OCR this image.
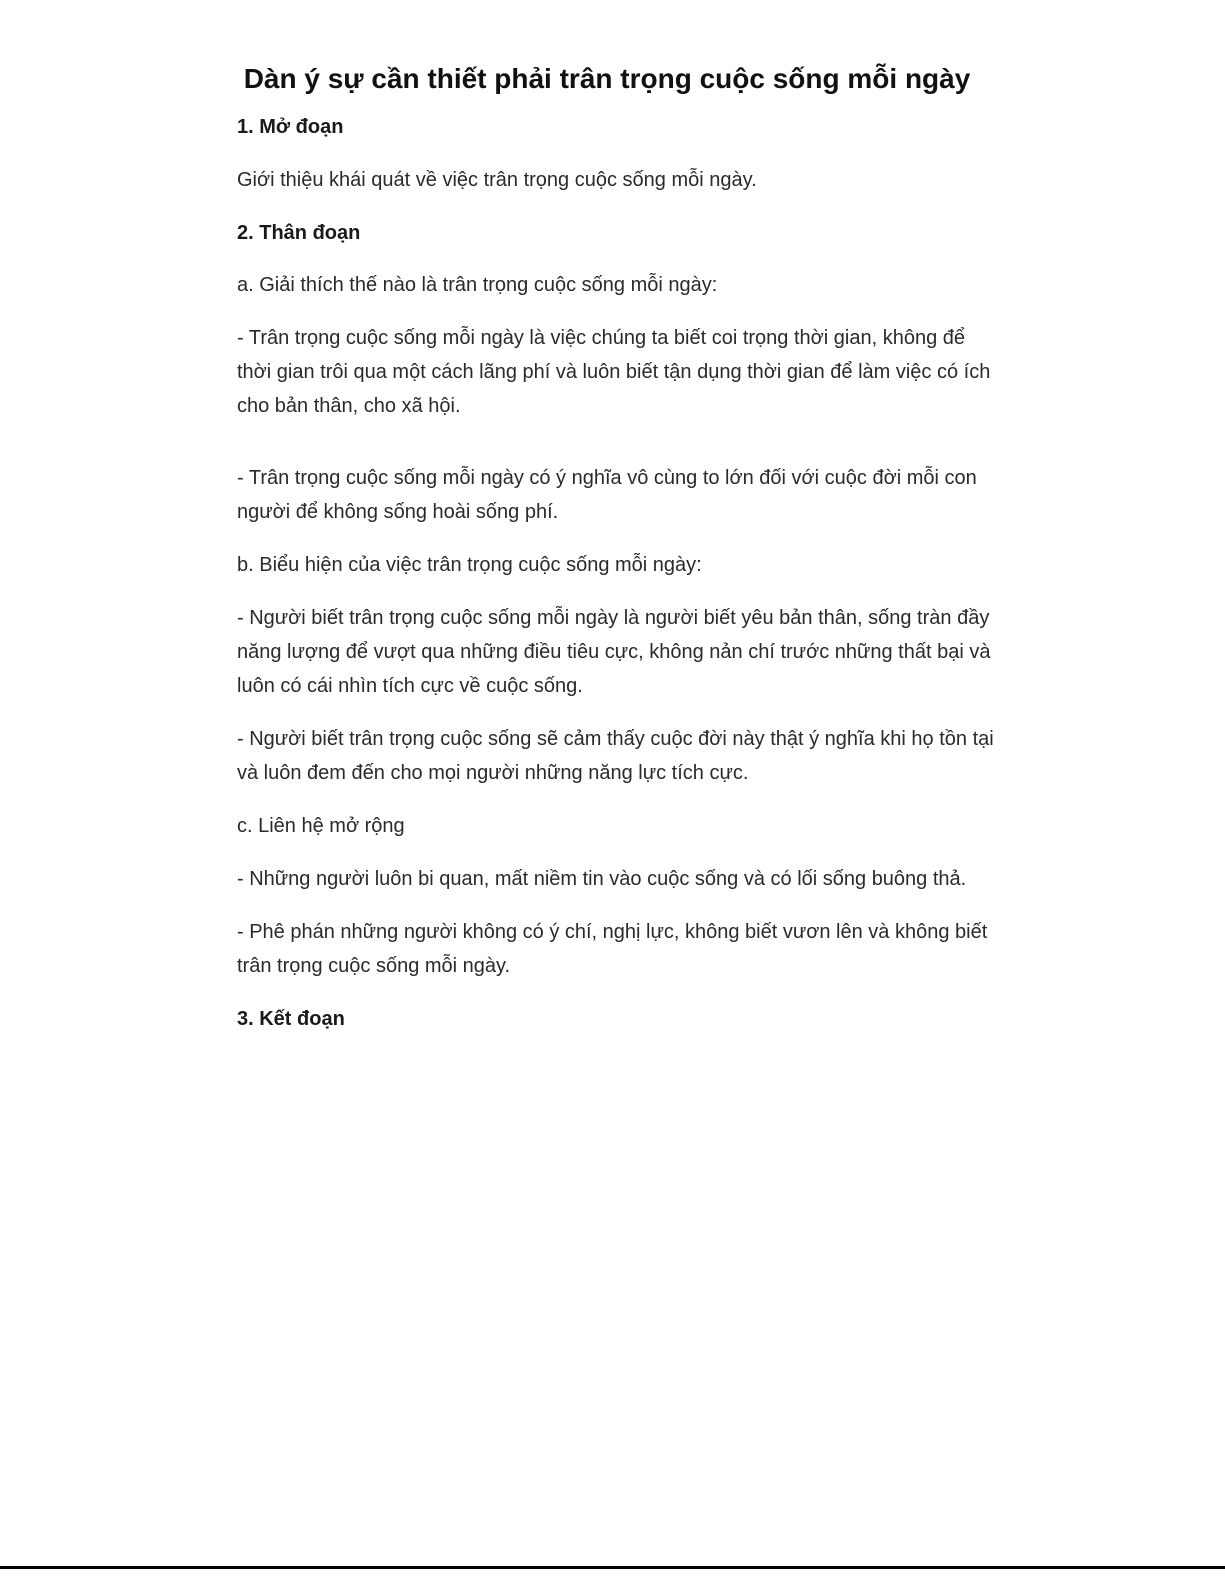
Dàn ý sự cần thiết phải trân trọng cuộc sống mỗi ngày

1. Mở đoạn

Giới thiệu khái quát về việc trân trọng cuộc sống mỗi ngày.

2. Thân đoạn

a. Giải thích thế nào là trân trọng cuộc sống mỗi ngày:

- Trân trọng cuộc sống mỗi ngày là việc chúng ta biết coi trọng thời gian, không để thời gian trôi qua một cách lãng phí và luôn biết tận dụng thời gian để làm việc có ích cho bản thân, cho xã hội.

- Trân trọng cuộc sống mỗi ngày có ý nghĩa vô cùng to lớn đối với cuộc đời mỗi con người để không sống hoài sống phí.

b. Biểu hiện của việc trân trọng cuộc sống mỗi ngày:

- Người biết trân trọng cuộc sống mỗi ngày là người biết yêu bản thân, sống tràn đầy năng lượng để vượt qua những điều tiêu cực, không nản chí trước những thất bại và luôn có cái nhìn tích cực về cuộc sống.

- Người biết trân trọng cuộc sống sẽ cảm thấy cuộc đời này thật ý nghĩa khi họ tồn tại và luôn đem đến cho mọi người những năng lực tích cực.

c. Liên hệ mở rộng

- Những người luôn bi quan, mất niềm tin vào cuộc sống và có lối sống buông thả.

- Phê phán những người không có ý chí, nghị lực, không biết vươn lên và không biết trân trọng cuộc sống mỗi ngày.

3. Kết đoạn
